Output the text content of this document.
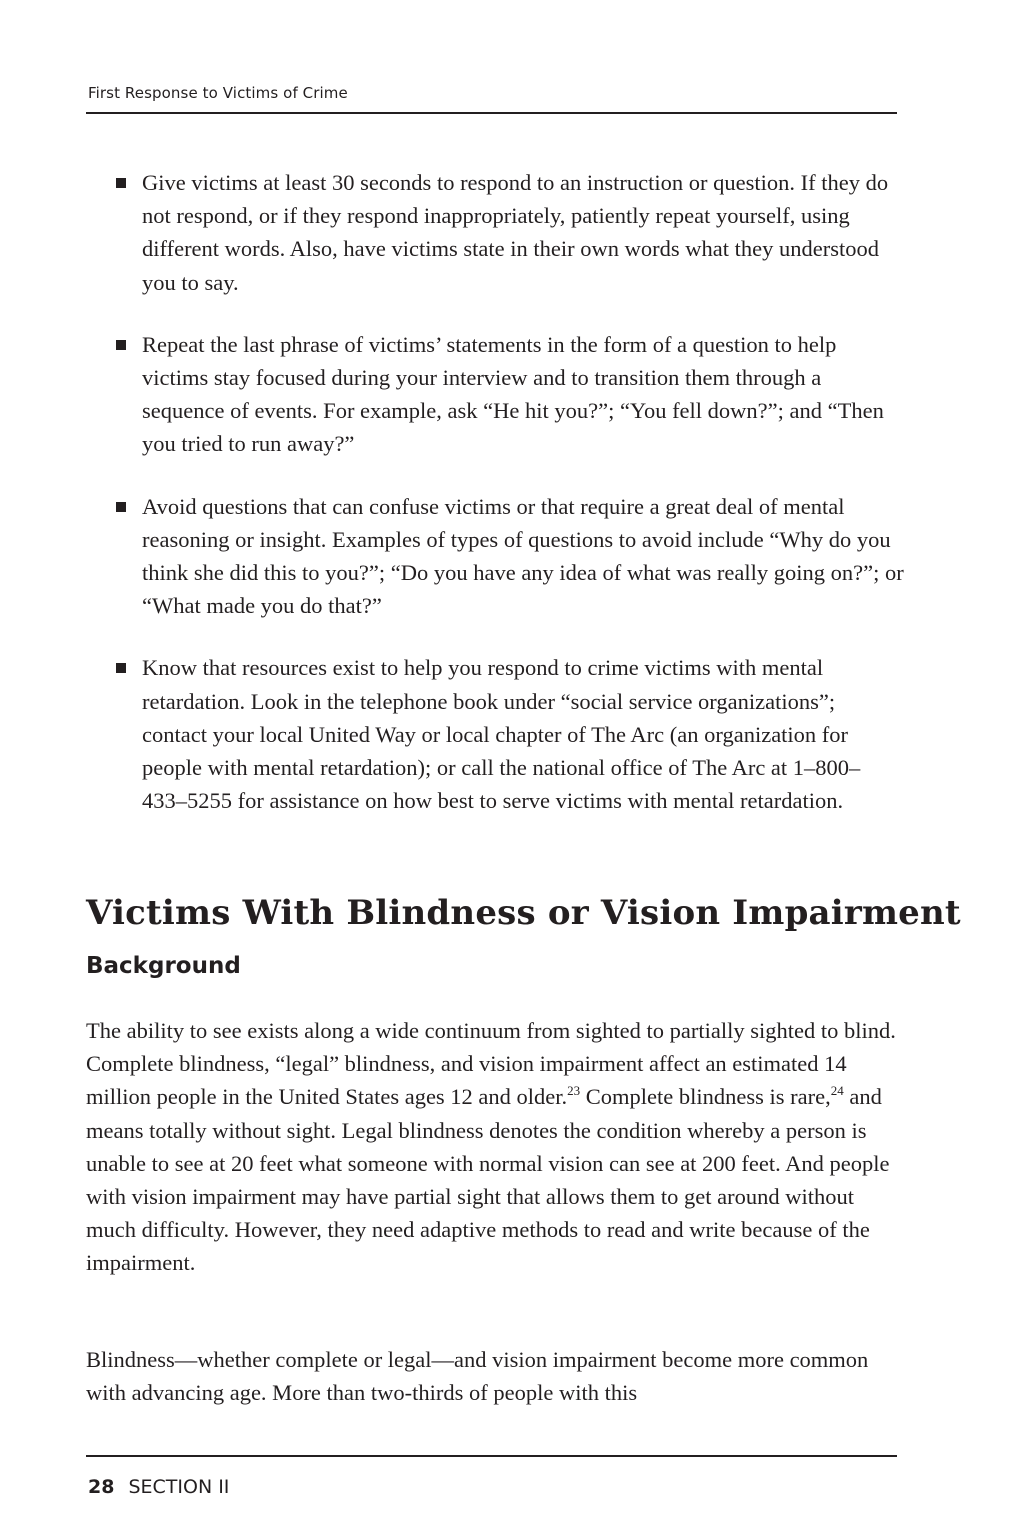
First Response to Victims of Crime
Give victims at least 30 seconds to respond to an instruction or question. If they do not respond, or if they respond inappropriately, patiently repeat yourself, using different words. Also, have victims state in their own words what they understood you to say.
Repeat the last phrase of victims’ statements in the form of a question to help victims stay focused during your interview and to transition them through a sequence of events. For example, ask “He hit you?”; “You fell down?”; and “Then you tried to run away?”
Avoid questions that can confuse victims or that require a great deal of mental reasoning or insight. Examples of types of questions to avoid include “Why do you think she did this to you?”; “Do you have any idea of what was really going on?”; or “What made you do that?”
Know that resources exist to help you respond to crime victims with mental retardation. Look in the telephone book under “social service organizations”; contact your local United Way or local chapter of The Arc (an organization for people with mental retardation); or call the national office of The Arc at 1–800–433–5255 for assistance on how best to serve victims with mental retardation.
Victims With Blindness or Vision Impairment
Background

The ability to see exists along a wide continuum from sighted to partially sighted to blind. Complete blindness, “legal” blindness, and vision impairment affect an estimated 14 million people in the United States ages 12 and older.$^{23}$ Complete blindness is rare,$^{24}$ and means totally without sight. Legal blindness denotes the condition whereby a person is unable to see at 20 feet what someone with normal vision can see at 200 feet. And people with vision impairment may have partial sight that allows them to get around without much difficulty. However, they need adaptive methods to read and write because of the impairment.

Blindness—whether complete or legal—and vision impairment become more common with advancing age. More than two-thirds of people with this

28 SECTION II
